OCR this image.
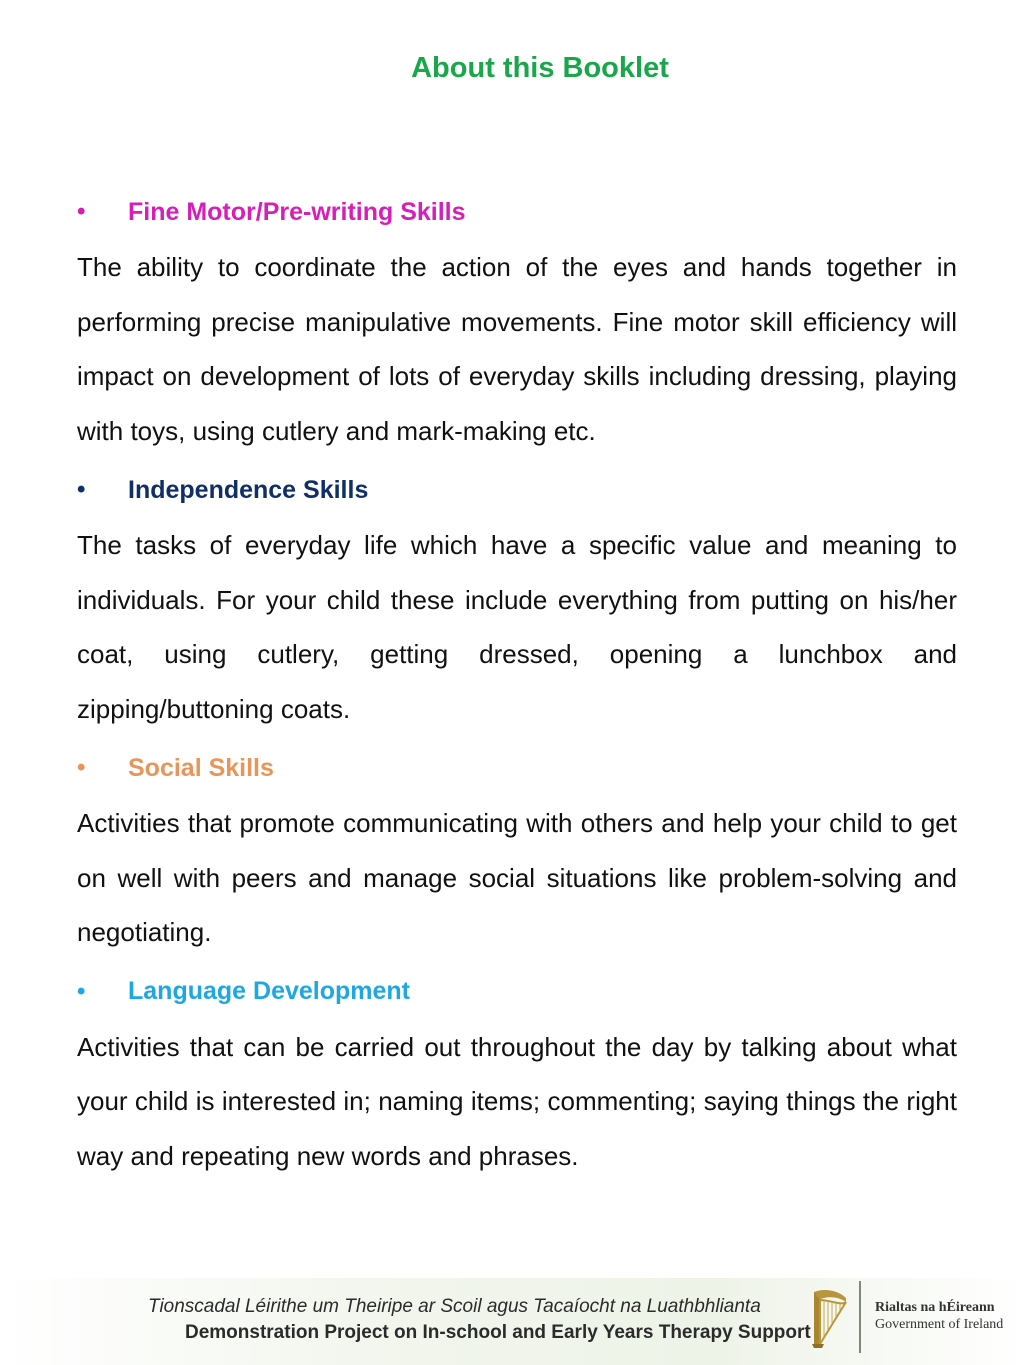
About this Booklet
•	Fine Motor/Pre-writing Skills

The ability to coordinate the action of the eyes and hands together in performing precise manipulative movements. Fine motor skill efficiency will impact on development of lots of everyday skills including dressing, playing with toys, using cutlery and mark-making etc.

•	Independence Skills

The tasks of everyday life which have a specific value and meaning to individuals. For your child these include everything from putting on his/her coat, using cutlery, getting dressed, opening a lunchbox and zipping/buttoning coats.

•	Social Skills

Activities that promote communicating with others and help your child to get on well with peers and manage social situations like problem-solving and negotiating.

•	Language Development

Activities that can be carried out throughout the day by talking about what your child is interested in; naming items; commenting; saying things the right way and repeating new words and phrases.

Tionscadal Léirithe um Theiripe ar Scoil agus Tacaíocht na Luathbhlianta
Demonstration Project on In-school and Early Years Therapy Support
Rialtas na hÉireann
Government of Ireland
